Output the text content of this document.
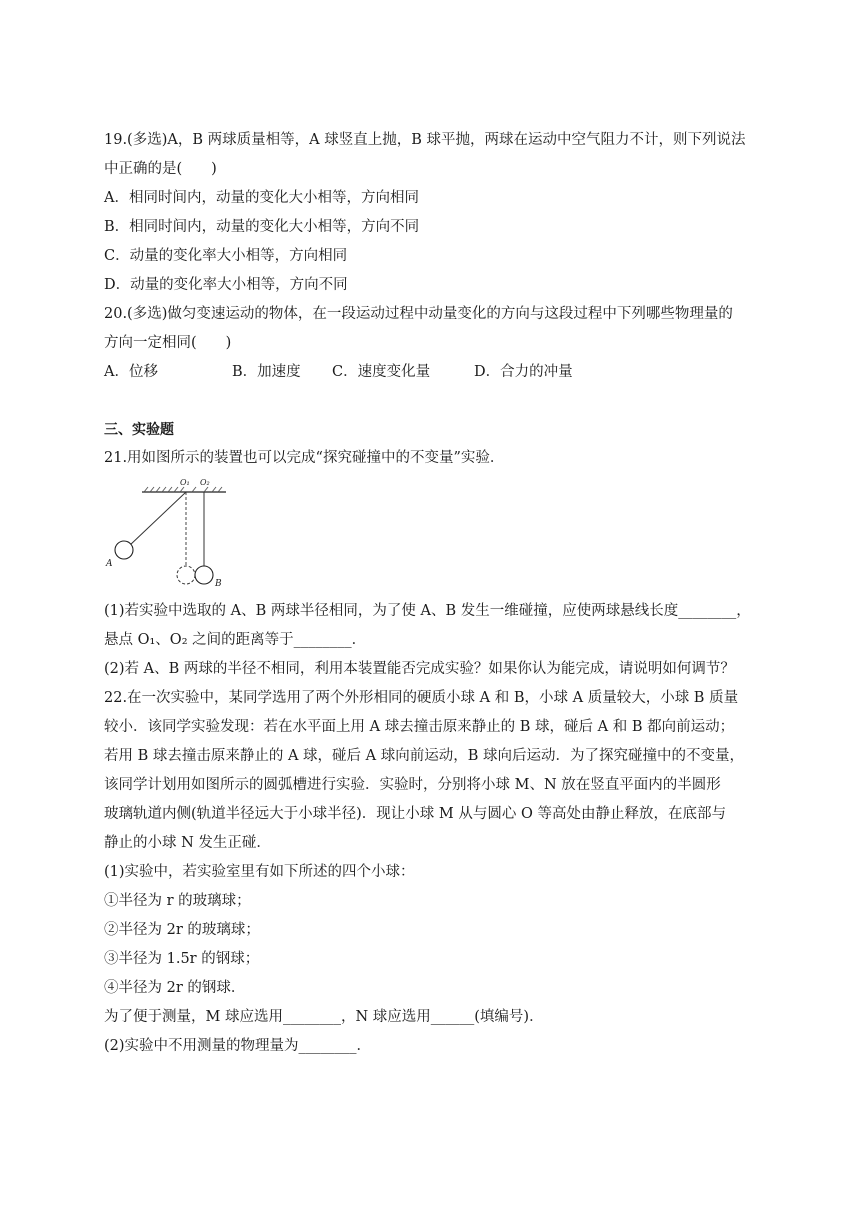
19.(多选)A，B 两球质量相等，A 球竖直上抛，B 球平抛，两球在运动中空气阻力不计，则下列说法
中正确的是(　　)
A．相同时间内，动量的变化大小相等，方向相同
B．相同时间内，动量的变化大小相等，方向不同
C．动量的变化率大小相等，方向相同
D．动量的变化率大小相等，方向不同
20.(多选)做匀变速运动的物体，在一段运动过程中动量变化的方向与这段过程中下列哪些物理量的
方向一定相同(　　)
A．位移	B．加速度 C．速度变化量	D．合力的冲量
三、实验题
21.用如图所示的装置也可以完成“探究碰撞中的不变量”实验．
O₁ O₂
A
B
(1)若实验中选取的 A、B 两球半径相同，为了使 A、B 发生一维碰撞，应使两球悬线长度________，
悬点 O₁、O₂ 之间的距离等于________．
(2)若 A、B 两球的半径不相同，利用本装置能否完成实验？如果你认为能完成，请说明如何调节？
22.在一次实验中，某同学选用了两个外形相同的硬质小球 A 和 B，小球 A 质量较大，小球 B 质量
较小．该同学实验发现：若在水平面上用 A 球去撞击原来静止的 B 球，碰后 A 和 B 都向前运动；
若用 B 球去撞击原来静止的 A 球，碰后 A 球向前运动，B 球向后运动．为了探究碰撞中的不变量，
该同学计划用如图所示的圆弧槽进行实验．实验时，分别将小球 M、N 放在竖直平面内的半圆形
玻璃轨道内侧(轨道半径远大于小球半径)．现让小球 M 从与圆心 O 等高处由静止释放，在底部与
静止的小球 N 发生正碰．
(1)实验中，若实验室里有如下所述的四个小球：
①半径为 r 的玻璃球；
②半径为 2r 的玻璃球；
③半径为 1.5r 的钢球；
④半径为 2r 的钢球．
为了便于测量，M 球应选用________，N 球应选用______(填编号)．
(2)实验中不用测量的物理量为________．
